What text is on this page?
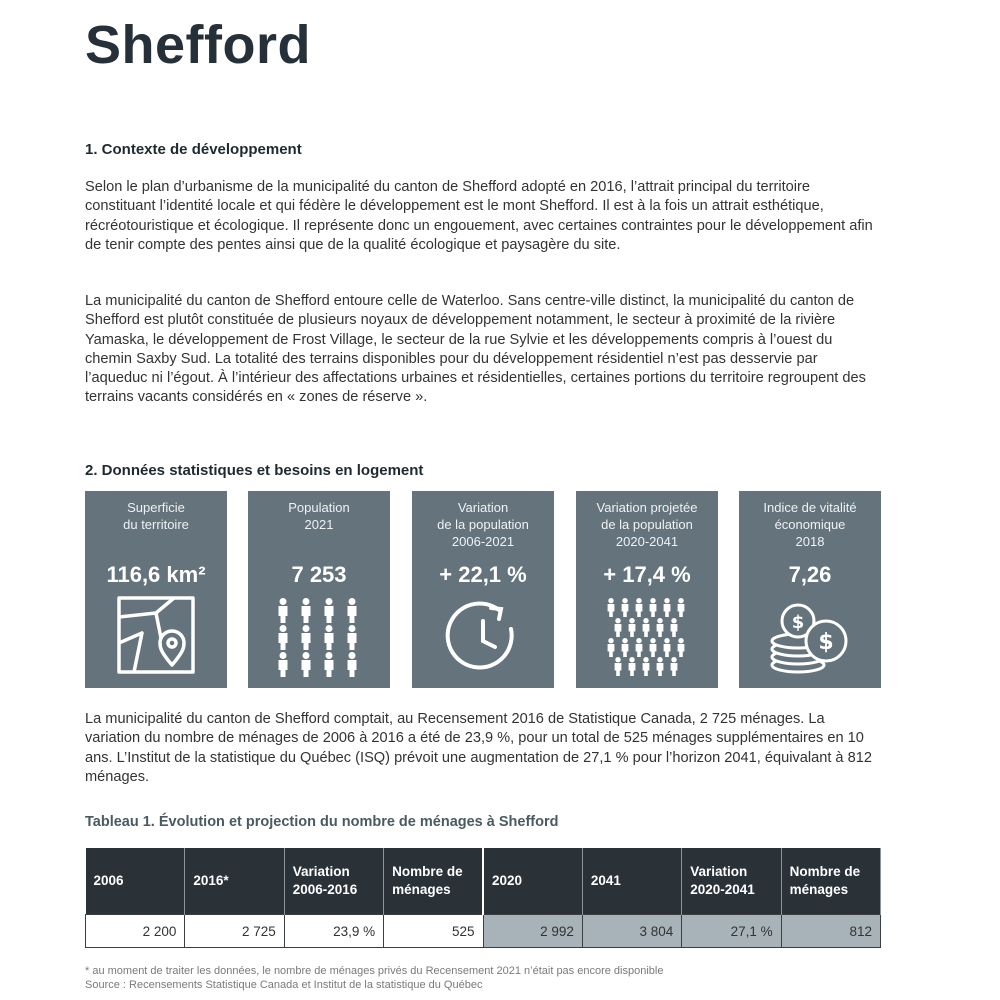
Shefford
1. Contexte de développement

Selon le plan d’urbanisme de la municipalité du canton de Shefford adopté en 2016, l’attrait principal du territoire constituant l’identité locale et qui fédère le développement est le mont Shefford. Il est à la fois un attrait esthétique, récréotouristique et écologique. Il représente donc un engouement, avec certaines contraintes pour le développement afin de tenir compte des pentes ainsi que de la qualité écologique et paysagère du site.

La municipalité du canton de Shefford entoure celle de Waterloo. Sans centre-ville distinct, la municipalité du canton de Shefford est plutôt constituée de plusieurs noyaux de développement notamment, le secteur à proximité de la rivière Yamaska, le développement de Frost Village, le secteur de la rue Sylvie et les développements compris à l’ouest du chemin Saxby Sud. La totalité des terrains disponibles pour du développement résidentiel n’est pas desservie par l’aqueduc ni l’égout. À l’intérieur des affectations urbaines et résidentielles, certaines portions du territoire regroupent des terrains vacants considérés en « zones de réserve ».

2. Données statistiques et besoins en logement
Superficie
du territoire
116,6 km²
Population
2021
7 253
Variation
de la population
2006-2021
+ 22,1 %
Variation projetée
de la population
2020-2041
+ 17,4 %
Indice de vitalité
économique
2018
7,26
$
$

La municipalité du canton de Shefford comptait, au Recensement 2016 de Statistique Canada, 2 725 ménages. La variation du nombre de ménages de 2006 à 2016 a été de 23,9 %, pour un total de 525 ménages supplémentaires en 10 ans. L’Institut de la statistique du Québec (ISQ) prévoit une augmentation de 27,1 % pour l’horizon 2041, équivalant à 812 ménages.

Tableau 1. Évolution et projection du nombre de ménages à Shefford
2006	2016*	Variation 2006-2016	Nombre de ménages	2020	2041	Variation 2020-2041	Nombre de ménages
2 200	2 725	23,9 %	525	2 992	3 804	27,1 %	812
* au moment de traiter les données, le nombre de ménages privés du Recensement 2021 n’était pas encore disponible
Source : Recensements Statistique Canada et Institut de la statistique du Québec
